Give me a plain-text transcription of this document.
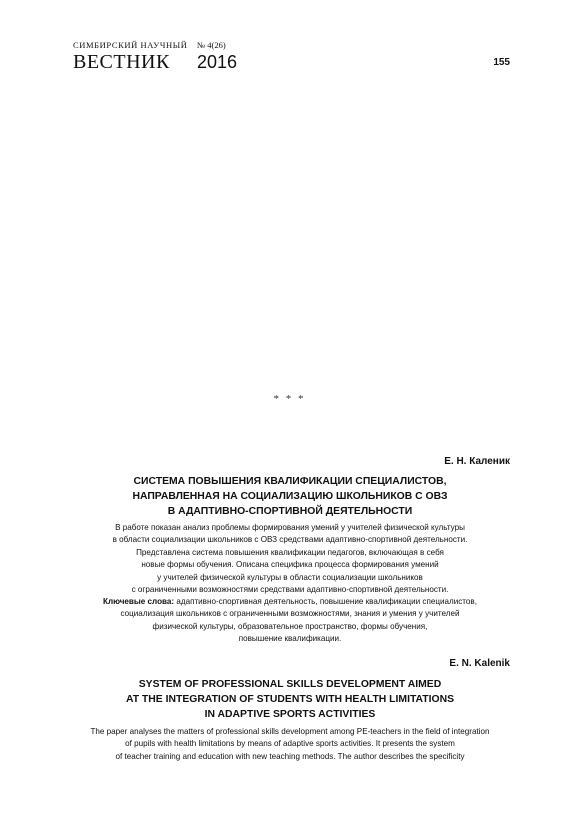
СИМБИРСКИЙ НАУЧНЫЙ № 4(26)
ВЕСТНИК 2016	155
* * *
Е. Н. Каленик
СИСТЕМА ПОВЫШЕНИЯ КВАЛИФИКАЦИИ СПЕЦИАЛИСТОВ,
НАПРАВЛЕННАЯ НА СОЦИАЛИЗАЦИЮ ШКОЛЬНИКОВ С ОВЗ
В АДАПТИВНО-СПОРТИВНОЙ ДЕЯТЕЛЬНОСТИ
В работе показан анализ проблемы формирования умений у учителей физической культуры
в области социализации школьников с ОВЗ средствами адаптивно-спортивной деятельности.
Представлена система повышения квалификации педагогов, включающая в себя
новые формы обучения. Описана специфика процесса формирования умений
у учителей физической культуры в области социализации школьников
с ограниченными возможностями средствами адаптивно-спортивной деятельности.
Ключевые слова: адаптивно-спортивная деятельность, повышение квалификации специалистов,
социализация школьников с ограниченными возможностями, знания и умения у учителей
физической культуры, образовательное пространство, формы обучения,
повышение квалификации.
E. N. Kalenik
SYSTEM OF PROFESSIONAL SKILLS DEVELOPMENT AIMED
AT THE INTEGRATION OF STUDENTS WITH HEALTH LIMITATIONS
IN ADAPTIVE SPORTS ACTIVITIES
The paper analyses the matters of professional skills development among PE-teachers in the field of integration
of pupils with health limitations by means of adaptive sports activities. It presents the system
of teacher training and education with new teaching methods. The author describes the specificity
